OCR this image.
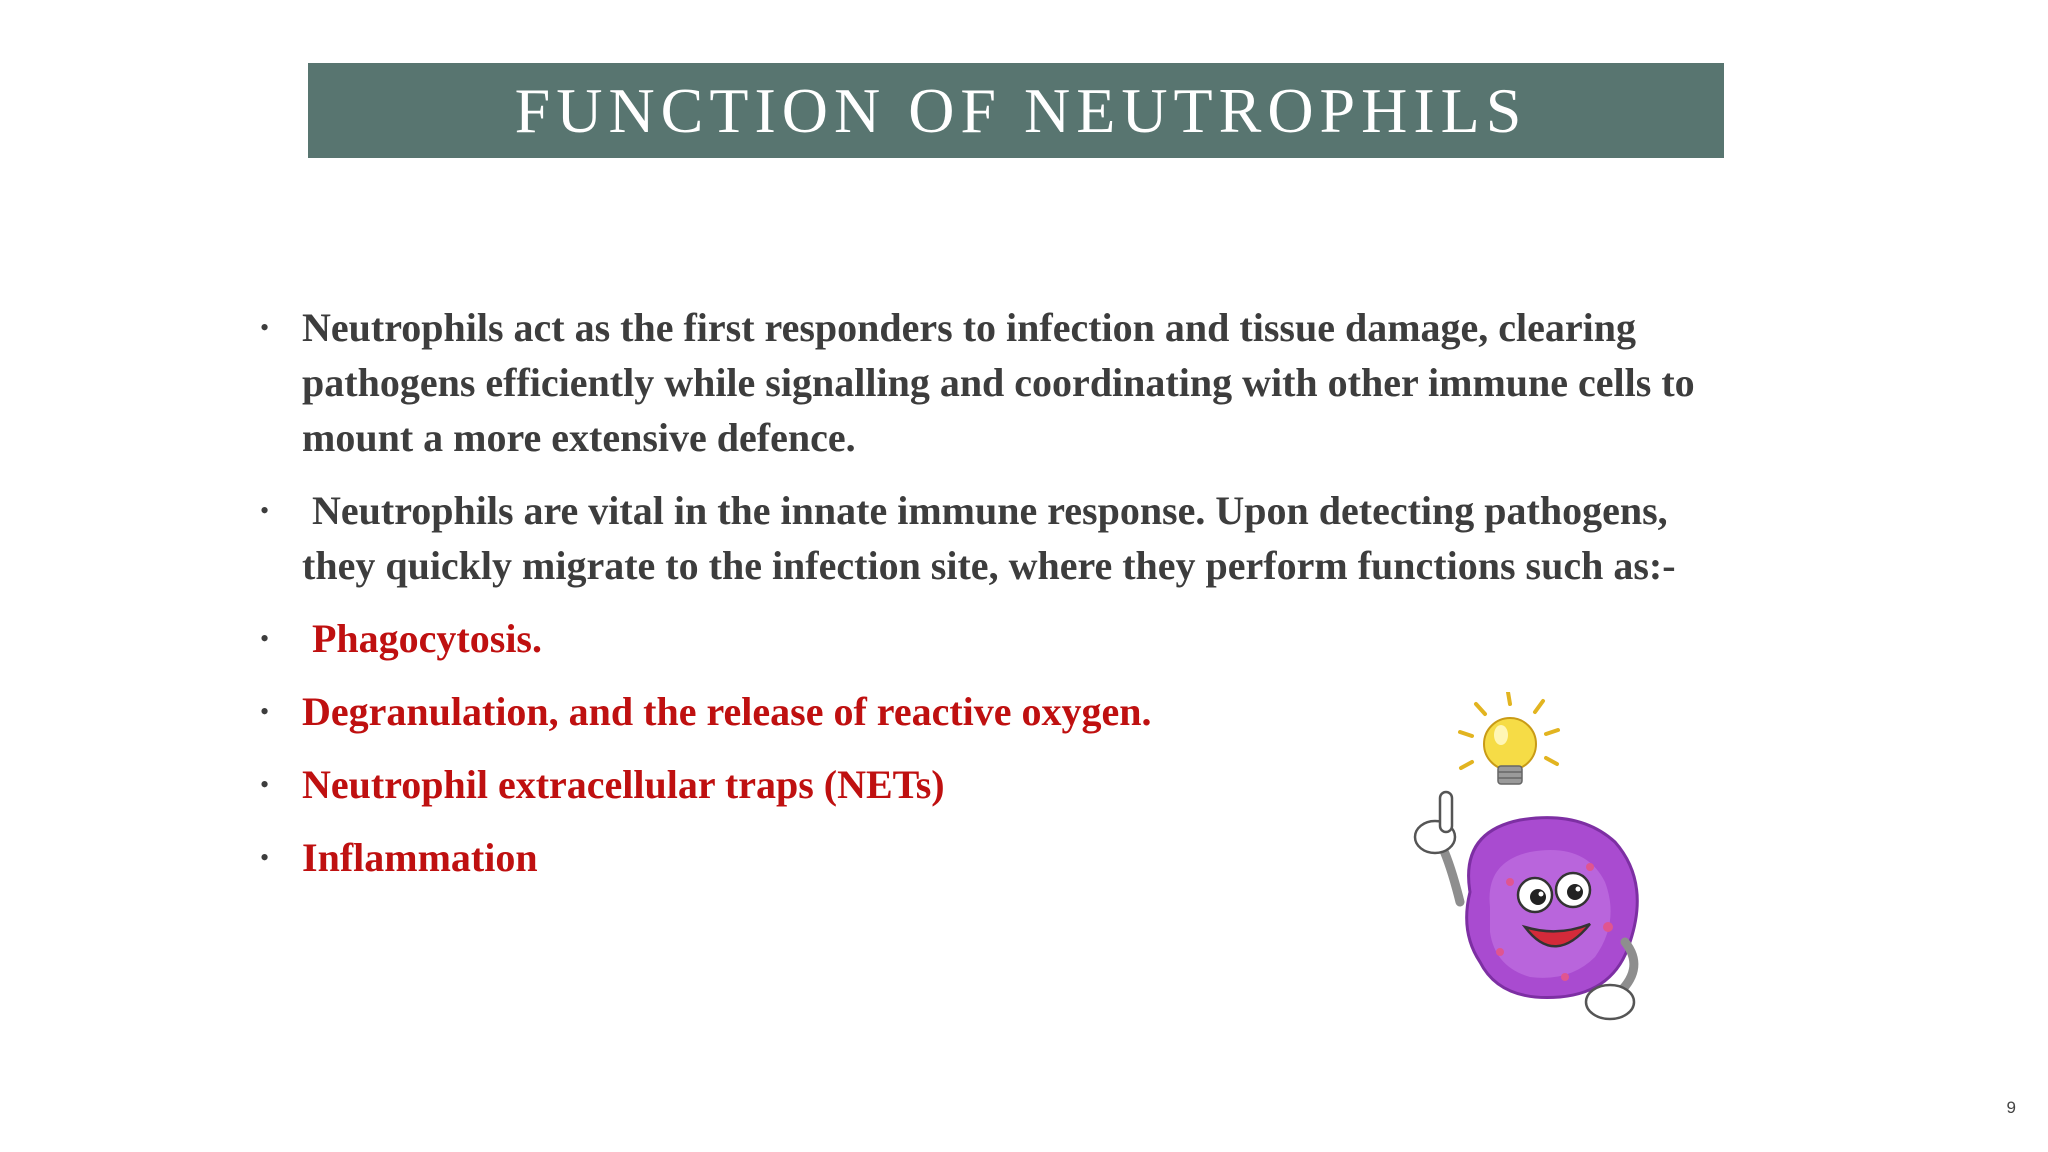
FUNCTION OF NEUTROPHILS
• Neutrophils act as the first responders to infection and tissue damage, clearing pathogens efficiently while signalling and coordinating with other immune cells to mount a more extensive defence.
• Neutrophils are vital in the innate immune response. Upon detecting pathogens, they quickly migrate to the infection site, where they perform functions such as:-
• Phagocytosis.
• Degranulation, and the release of reactive oxygen.
• Neutrophil extracellular traps (NETs)
• Inflammation
9
